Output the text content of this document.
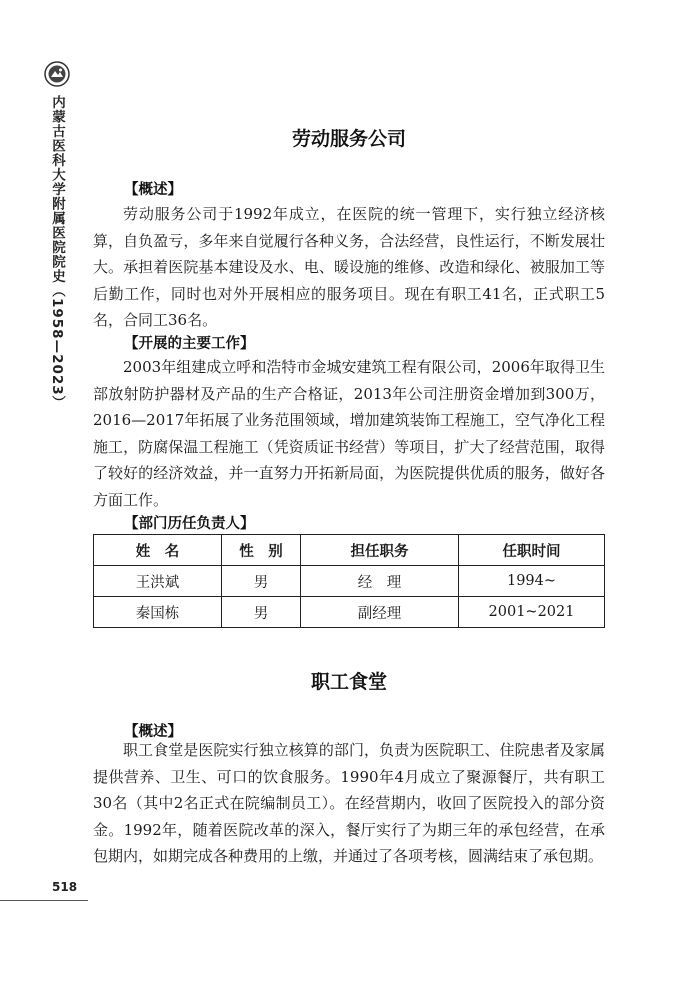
内蒙古医科大学附属医院院史（1958—2023）
518
劳动服务公司
【概述】
劳动服务公司于1992年成立，在医院的统一管理下，实行独立经济核算，自负盈亏，多年来自觉履行各种义务，合法经营，良性运行，不断发展壮大。承担着医院基本建设及水、电、暖设施的维修、改造和绿化、被服加工等后勤工作，同时也对外开展相应的服务项目。现在有职工41名，正式职工5名，合同工36名。
【开展的主要工作】
2003年组建成立呼和浩特市金城安建筑工程有限公司，2006年取得卫生部放射防护器材及产品的生产合格证，2013年公司注册资金增加到300万，2016—2017年拓展了业务范围领域，增加建筑装饰工程施工，空气净化工程施工，防腐保温工程施工（凭资质证书经营）等项目，扩大了经营范围，取得了较好的经济效益，并一直努力开拓新局面，为医院提供优质的服务，做好各方面工作。
【部门历任负责人】
姓　名	性　别	担任职务	任职时间
王洪斌	男	经　理	1994~
秦国栋	男	副经理	2001~2021
职工食堂
【概述】
职工食堂是医院实行独立核算的部门，负责为医院职工、住院患者及家属提供营养、卫生、可口的饮食服务。1990年4月成立了聚源餐厅，共有职工30名（其中2名正式在院编制员工）。在经营期内，收回了医院投入的部分资金。1992年，随着医院改革的深入，餐厅实行了为期三年的承包经营，在承包期内，如期完成各种费用的上缴，并通过了各项考核，圆满结束了承包期。
